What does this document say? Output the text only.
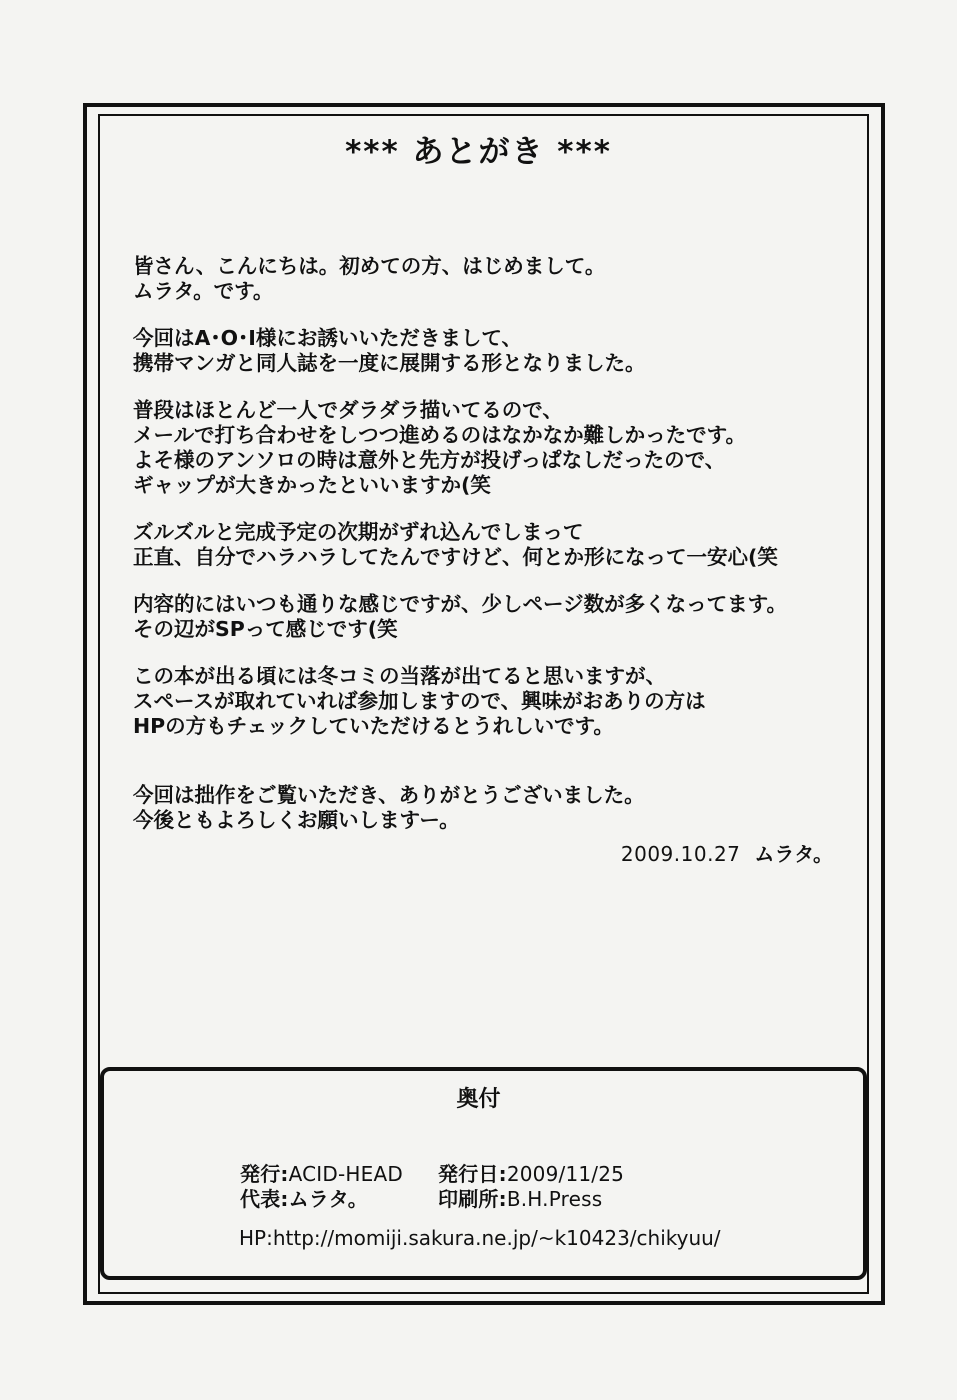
*** あとがき ***
皆さん、こんにちは。初めての方、はじめまして。
ムラタ。です。
今回はA･O･I様にお誘いいただきまして、
携帯マンガと同人誌を一度に展開する形となりました。
普段はほとんど一人でダラダラ描いてるので、
メールで打ち合わせをしつつ進めるのはなかなか難しかったです。
よそ様のアンソロの時は意外と先方が投げっぱなしだったので、
ギャップが大きかったといいますか(笑
ズルズルと完成予定の次期がずれ込んでしまって
正直、自分でハラハラしてたんですけど、何とか形になって一安心(笑
内容的にはいつも通りな感じですが、少しページ数が多くなってます。
その辺がSPって感じです(笑
この本が出る頃には冬コミの当落が出てると思いますが、
スペースが取れていれば参加しますので、興味がおありの方は
HPの方もチェックしていただけるとうれしいです。
今回は拙作をご覧いただき、ありがとうございました。
今後ともよろしくお願いしますー。
2009.10.27 ムラタ。
奥付
発行:ACID-HEAD 発行日:2009/11/25
代表:ムラタ。	印刷所:B.H.Press
HP:http://momiji.sakura.ne.jp/~k10423/chikyuu/
